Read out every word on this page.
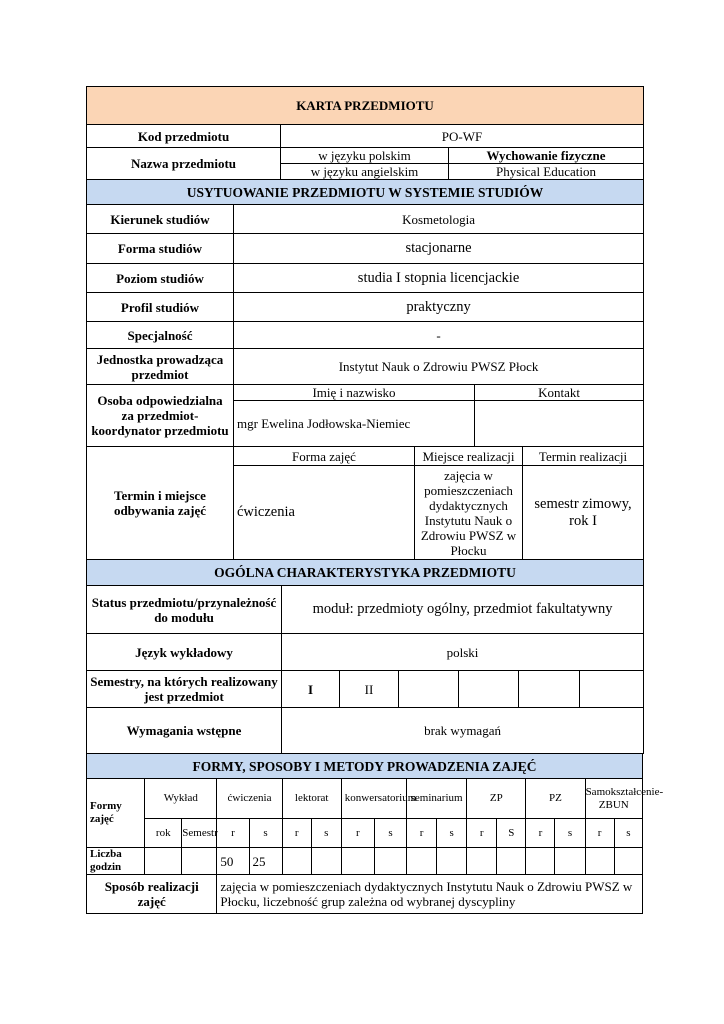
KARTA PRZEDMIOTU		
Kod przedmiotu	PO-WF	
Nazwa przedmiotu	w języku polskim	Wychowanie fizyczne
	w języku angielskim	Physical Education
USYTUOWANIE PRZEDMIOTU W SYSTEMIE STUDIÓW				
Kierunek studiów	Kosmetologia			
Forma studiów	stacjonarne			
Poziom studiów	studia I stopnia licencjackie			
Profil studiów	praktyczny			
Specjalność	-			
Jednostka prowadząca przedmiot	Instytut Nauk o Zdrowiu PWSZ Płock			
Osoba odpowiedzialna za przedmiot- koordynator przedmiotu	Imię i nazwisko		Kontakt	
	mgr Ewelina Jodłowska-Niemiec			
Termin i miejsce odbywania zajęć	Forma zajęć	Miejsce realizacji		Termin realizacji
	ćwiczenia	zajęcia w pomieszczeniach dydaktycznych Instytutu Nauk o Zdrowiu PWSZ w Płocku		semestr zimowy, rok I
OGÓLNA CHARAKTERYSTYKA PRZEDMIOTU						
Status przedmiotu/przynależność do modułu	moduł: przedmioty ogólny, przedmiot fakultatywny					
Język wykładowy	polski					
Semestry, na których realizowany jest przedmiot	I	II				
Wymagania wstępne	brak wymagań					
FORMY, SPOSOBY I METODY PROWADZENIA ZAJĘĆ																
Formy zajęć	Wykład		ćwiczenia		lektorat		konwersatorium		seminarium		ZP		PZ		Samokształcenie-ZBUN	
	rok	Semestr	r	s	r	s	r	s	r	s	r	S	r	s	r	s
Liczba godzin			50	25												
Sposób realizacji zajęć			zajęcia w pomieszczeniach dydaktycznych Instytutu Nauk o Zdrowiu PWSZ w Płocku, liczebność grup zależna od wybranej dyscypliny													
